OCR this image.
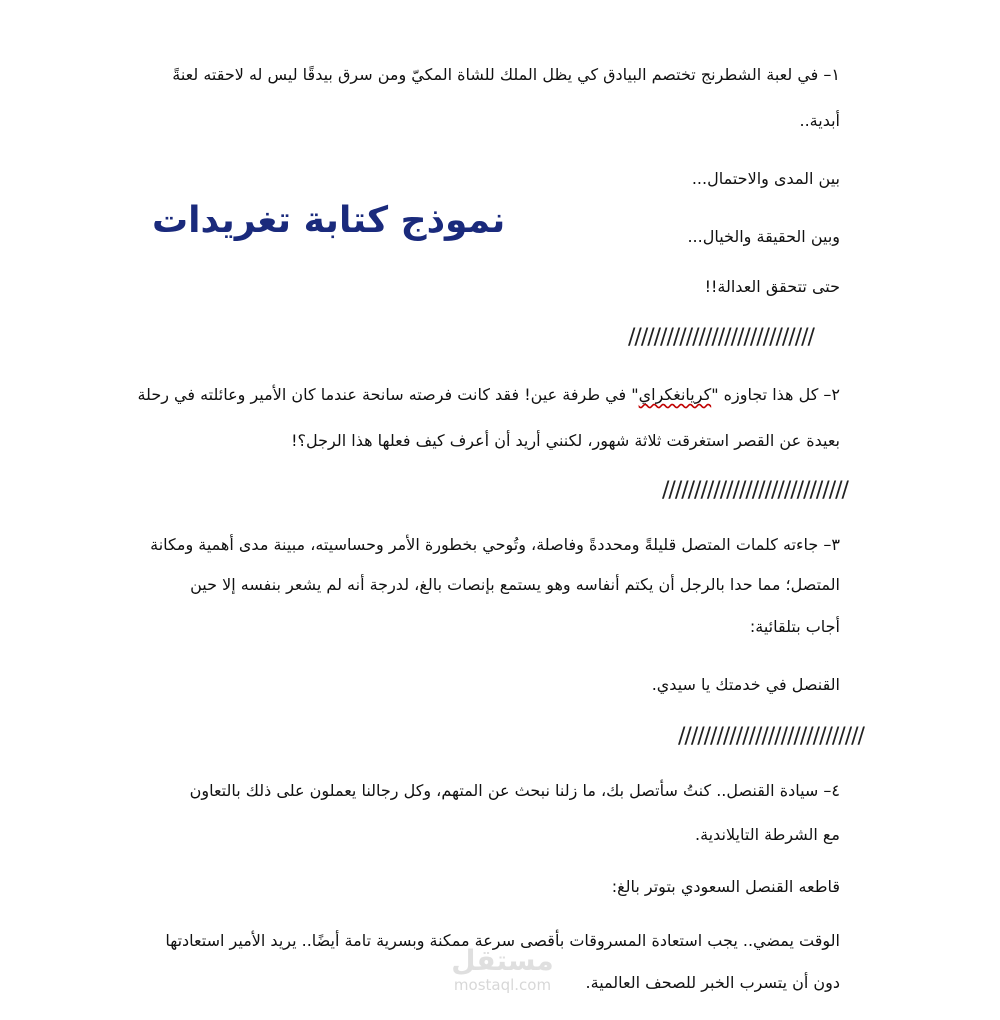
١– في لعبة الشطرنج تختصم البيادق كي يظل الملك للشاة المكيّ ومن سرق بيدقًا ليس له لاحقته لعنةً
أبدية..
بين المدى والاحتمال...
وبين الحقيقة والخيال...
حتى تتحقق العدالة!!
نموذج كتابة تغريدات
/////////////////////////////
٢– كل هذا تجاوزه "كريانغكراي" في طرفة عين! فقد كانت فرصته سانحة عندما كان الأمير وعائلته في رحلة
بعيدة عن القصر استغرقت ثلاثة شهور، لكنني أريد أن أعرف كيف فعلها هذا الرجل؟!
/////////////////////////////
٣– جاءته كلمات المتصل قليلةً ومحددةً وفاصلة، وتُوحي بخطورة الأمر وحساسيته، مبينة مدى أهمية ومكانة
المتصل؛ مما حدا بالرجل أن يكتم أنفاسه وهو يستمع بإنصات بالغ، لدرجة أنه لم يشعر بنفسه إلا حين
أجاب بتلقائية:
القنصل في خدمتك يا سيدي.
/////////////////////////////
٤– سيادة القنصل.. كنتُ سأتصل بك، ما زلنا نبحث عن المتهم، وكل رجالنا يعملون على ذلك بالتعاون
مع الشرطة التايلاندية.
قاطعه القنصل السعودي بتوتر بالغ:
الوقت يمضي.. يجب استعادة المسروقات بأقصى سرعة ممكنة وبسرية تامة أيضًا.. يريد الأمير استعادتها
دون أن يتسرب الخبر للصحف العالمية.
مستقل
mostaql.com
